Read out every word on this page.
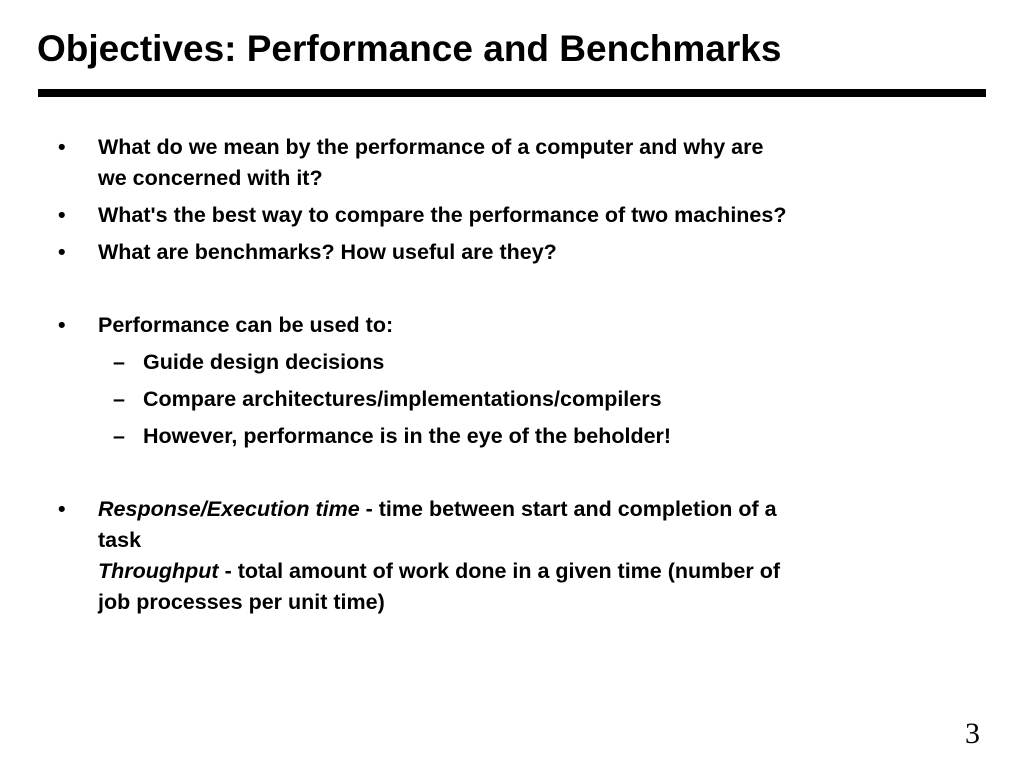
Objectives: Performance and Benchmarks
• What do we mean by the performance of a computer and why are
we concerned with it?
• What's the best way to compare the performance of two machines?
• What are benchmarks? How useful are they?
• Performance can be used to:
– Guide design decisions
– Compare architectures/implementations/compilers
– However, performance is in the eye of the beholder!
• Response/Execution time - time between start and completion of a
task
Throughput - total amount of work done in a given time (number of
job processes per unit time)
3
